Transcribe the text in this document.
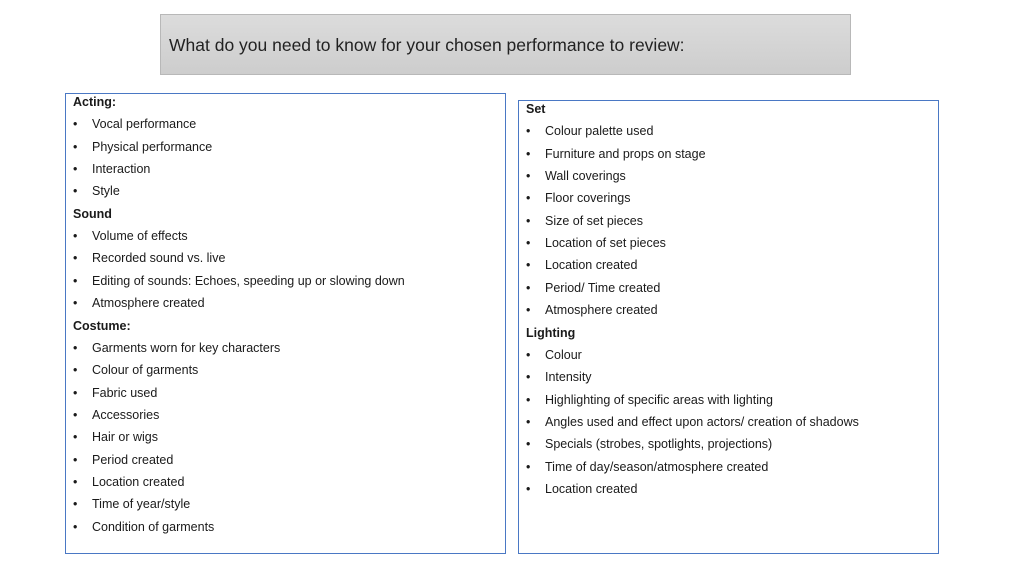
What do you need to know for your chosen performance to review:
Acting:
• Vocal performance
• Physical performance
• Interaction
• Style
Sound
• Volume of effects
• Recorded sound vs. live
• Editing of sounds: Echoes, speeding up or slowing down
• Atmosphere created
Costume:
• Garments worn for key characters
• Colour of garments
• Fabric used
• Accessories
• Hair or wigs
• Period created
• Location created
• Time of year/style
• Condition of garments
Set
• Colour palette used
• Furniture and props on stage
• Wall coverings
• Floor coverings
• Size of set pieces
• Location of set pieces
• Location created
• Period/ Time created
• Atmosphere created
Lighting
• Colour
• Intensity
• Highlighting of specific areas with lighting
• Angles used and effect upon actors/ creation of shadows
• Specials (strobes, spotlights, projections)
• Time of day/season/atmosphere created
• Location created
